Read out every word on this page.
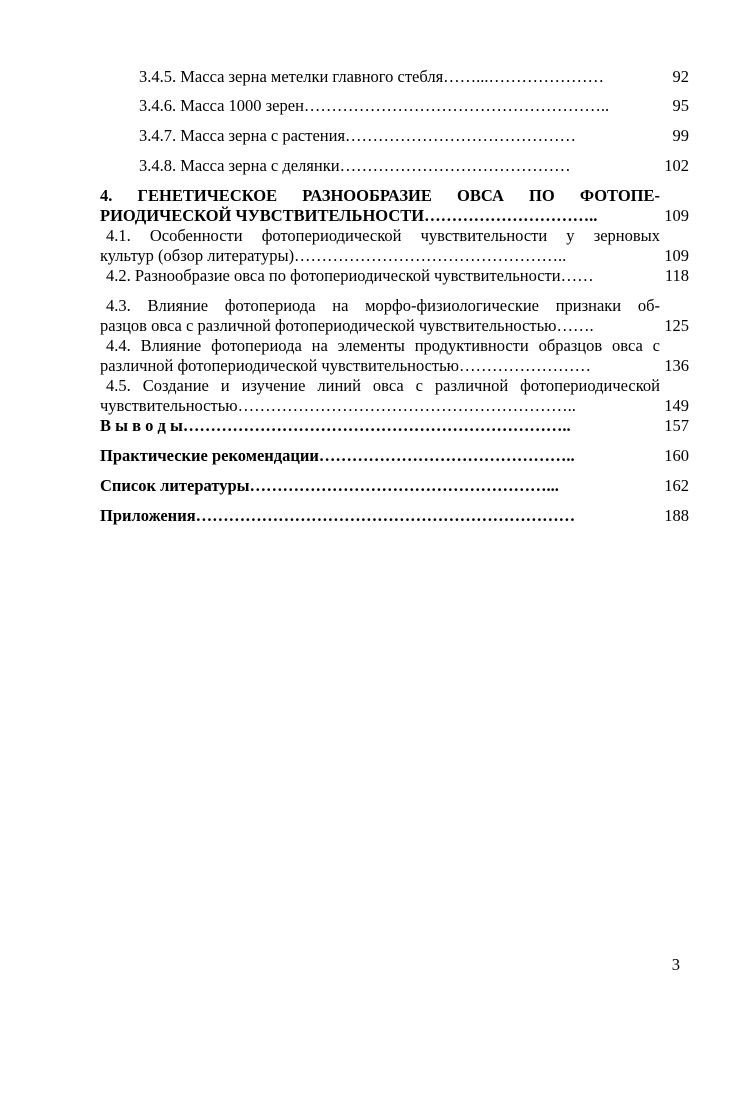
3.4.5. Масса зерна метелки главного стебля……...…………………	92
3.4.6. Масса 1000 зерен………………………………………………..	95
3.4.7. Масса зерна с растения……………………………………	99
3.4.8. Масса зерна с делянки……………………………………	102
4. ГЕНЕТИЧЕСКОЕ РАЗНООБРАЗИЕ ОВСА ПО ФОТОПЕ-
РИОДИЧЕСКОЙ ЧУВСТВИТЕЛЬНОСТИ…………………………..	109
4.1. Особенности фотопериодической чувствительности у зерновых
культур (обзор литературы)…………………………………………..	109
4.2. Разнообразие овса по фотопериодической чувствительности……	118
4.3. Влияние фотопериода на морфо-физиологические признаки об-
разцов овса с различной фотопериодической чувствительностью…….	125
4.4. Влияние фотопериода на элементы продуктивности образцов овса с
различной фотопериодической чувствительностью……………………	136
4.5. Создание и изучение линий овса с различной фотопериодической
чувствительностью……………………………………………………..	149
В ы в о д ы……………………………………………………………..	157
Практические рекомендации………………………………………..	160
Список литературы………………………………………………...	162
Приложения……………………………………………………………	188
3
